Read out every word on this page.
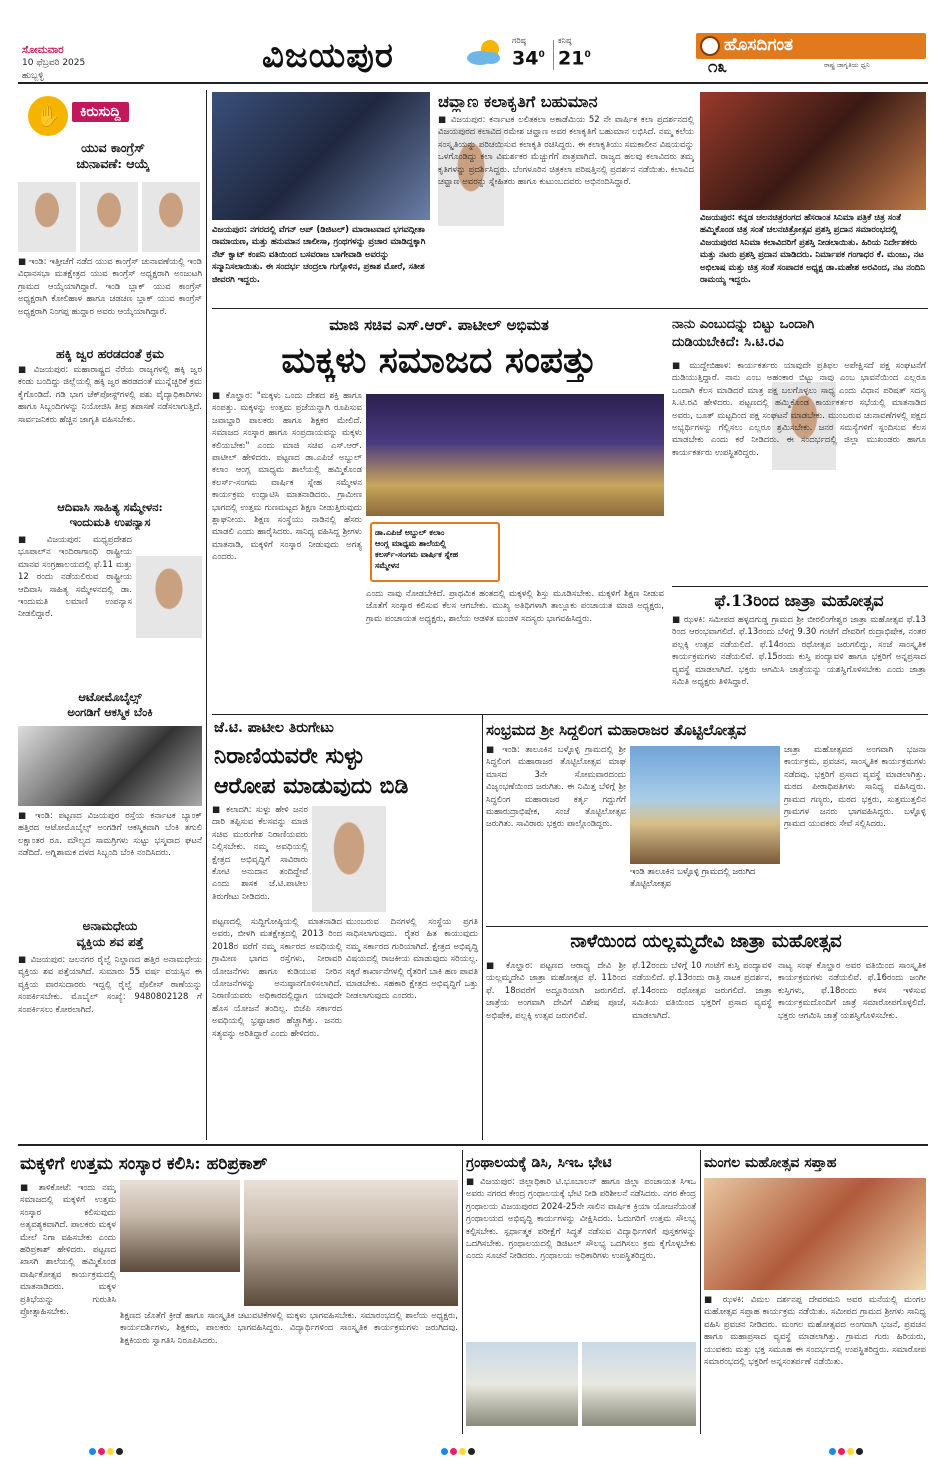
ಸೋಮವಾರ
10 ಫೆಬ್ರವರಿ 2025
ಹುಬ್ಬಳ್ಳಿ	ವಿಜಯಪುರ	ಗರಿಷ್ಠ
$34^0$
ಕನಿಷ್ಠ
$21^0$	ಹೊಸದಿಗಂತ
ರಾಷ್ಟ್ರ ಜಾಗೃತಿಯ ಧ್ವನಿ
೧೩
✋	ಕಿರುಸುದ್ದಿ
ಯುವ ಕಾಂಗ್ರೆಸ್
ಚುನಾವಣೆ: ಆಯ್ಕೆ
■ ಇಂಡಿ: ಇತ್ತೀಚೆಗೆ ನಡೆದ ಯುವ ಕಾಂಗ್ರೆಸ್ ಚುನಾವಣೆಯಲ್ಲಿ ಇಂಡಿ ವಿಧಾನಸಭಾ ಮತಕ್ಷೇತ್ರದ ಯುವ ಕಾಂಗ್ರೆಸ್ ಅಧ್ಯಕ್ಷರಾಗಿ ಅಂಜುಟಗಿ ಗ್ರಾಮದ ಆಯ್ಕೆಯಾಗಿದ್ದಾರೆ. ಇಂಡಿ ಬ್ಲಾಕ್ ಯುವ ಕಾಂಗ್ರೆಸ್ ಅಧ್ಯಕ್ಷರಾಗಿ ಕೋಲಿಹಾಳ ಹಾಗೂ ಚಡಚಣ ಬ್ಲಾಕ್ ಯುವ ಕಾಂಗ್ರೆಸ್ ಅಧ್ಯಕ್ಷರಾಗಿ ನಿಂಗಪ್ಪ ಹುದ್ದಾರ ಅವರು ಆಯ್ಕೆಯಾಗಿದ್ದಾರೆ.
ಹಕ್ಕಿ ಜ್ವರ ಹರಡದಂತೆ ಕ್ರಮ
■ ವಿಜಯಪುರ: ಮಹಾರಾಷ್ಟ್ರದ ನೆರೆಯ ರಾಜ್ಯಗಳಲ್ಲಿ ಹಕ್ಕಿ ಜ್ವರ ಕಂಡು ಬಂದಿದ್ದು ಜಿಲ್ಲೆಯಲ್ಲಿ ಹಕ್ಕಿ ಜ್ವರ ಹರಡದಂತೆ ಮುನ್ನೆಚ್ಚರಿಕೆ ಕ್ರಮ ಕೈಗೊಂಡಿದೆ. ಗಡಿ ಭಾಗ ಚೆಕ್‌ಪೋಸ್ಟ್‌ಗಳಲ್ಲಿ ಪಶು ವೈದ್ಯಾಧಿಕಾರಿಗಳು ಹಾಗೂ ಸಿಬ್ಬಂದಿಗಳನ್ನು ನಿಯೋಜಿಸಿ ತೀವ್ರ ತಪಾಸಣೆ ನಡೆಸಲಾಗುತ್ತಿದೆ. ಸಾರ್ವಜನಿಕರು ಹೆಚ್ಚಿನ ಜಾಗೃತಿ ವಹಿಸಬೇಕು.
ಆದಿವಾಸಿ ಸಾಹಿತ್ಯ ಸಮ್ಮೇಳನ:
ಇಂದುಮತಿ ಉಪನ್ಯಾಸ
■ ವಿಜಯಪುರ: ಮಧ್ಯಪ್ರದೇಶದ ಭೂಪಾಲ್‌ನ ಇಂದಿರಾಗಾಂಧಿ ರಾಷ್ಟ್ರೀಯ ಮಾನವ ಸಂಗ್ರಹಾಲಯದಲ್ಲಿ ಫೆ.11 ಮತ್ತು 12 ರಂದು ನಡೆಯಲಿರುವ ರಾಷ್ಟ್ರೀಯ ಆದಿವಾಸಿ ಸಾಹಿತ್ಯ ಸಮ್ಮೇಳನದಲ್ಲಿ ಡಾ. ಇಂದುಮತಿ ಲಮಾಣಿ ಉಪನ್ಯಾಸ ನೀಡಲಿದ್ದಾರೆ.
ಆಟೋಮೊಬೈಲ್ಸ್
ಅಂಗಡಿಗೆ ಆಕಸ್ಮಿಕ ಬೆಂಕಿ
■ ಇಂಡಿ: ಪಟ್ಟಣದ ವಿಜಯಪುರ ರಸ್ತೆಯ ಕರ್ನಾಟಕ ಬ್ಯಾಂಕ್ ಹತ್ತಿರದ ಆಟೋಮೊಬೈಲ್ಸ್ ಅಂಗಡಿಗೆ ಆಕಸ್ಮಿಕವಾಗಿ ಬೆಂಕಿ ತಗುಲಿ ಲಕ್ಷಾಂತರ ರೂ. ಮೌಲ್ಯದ ಸಾಮಗ್ರಿಗಳು ಸುಟ್ಟು ಭಸ್ಮವಾದ ಘಟನೆ ನಡೆದಿದೆ. ಅಗ್ನಿಶಾಮಕ ದಳದ ಸಿಬ್ಬಂದಿ ಬೆಂಕಿ ನಂದಿಸಿದರು.
ಅನಾಮಧೇಯ
ವ್ಯಕ್ತಿಯ ಶವ ಪತ್ತೆ
■ ವಿಜಯಪುರ: ಜಲನಗರ ರೈಲ್ವೆ ನಿಲ್ದಾಣದ ಹತ್ತಿರ ಅನಾಮಧೇಯ ವ್ಯಕ್ತಿಯ ಶವ ಪತ್ತೆಯಾಗಿದೆ. ಸುಮಾರು 55 ವರ್ಷ ವಯಸ್ಸಿನ ಈ ವ್ಯಕ್ತಿಯ ವಾರಸುದಾರರು ಇದ್ದಲ್ಲಿ ರೈಲ್ವೆ ಪೊಲೀಸ್ ಠಾಣೆಯನ್ನು ಸಂಪರ್ಕಿಸಬೇಕು. ಮೊಬೈಲ್ ಸಂಖ್ಯೆ: 9480802128 ಗೆ ಸಂಪರ್ಕಿಸಲು ಕೋರಲಾಗಿದೆ.
ವಿಜಯಪುರ: ನಗರದಲ್ಲಿ ವೆಗನ್ ಆಪ್ (ಡಿಜಿಟಲ್) ಮಾರಾಟವಾದ ಭಗವದ್ಗೀತಾ ರಾಮಾಯಣ, ಮತ್ತು ಹನುಮಾನ ಚಾಲೀಸಾ, ಗ್ರಂಥಗಳನ್ನು ಪ್ರಚಾರ ಮಾಡಿದ್ದಕ್ಕಾಗಿ ನೆಟ್ ಕ್ವಾಟ್ ಕಂಪನಿ ವತಿಯಿಂದ ಬಸವರಾಜ ಬಾಗೇವಾಡಿ ಅವರನ್ನು ಸನ್ಮಾನಿಸಲಾಯಿತು. ಈ ಸಂದರ್ಭ ಚಂದ್ರಲಾ ಗುಗ್ಗೊಳಿನ, ಪ್ರಕಾಶ ಮೋರೆ, ಸತೀಶ ಜೀವರಗಿ ಇದ್ದರು.
ಚವ್ಹಾಣ ಕಲಾಕೃತಿಗೆ ಬಹುಮಾನ
■ ವಿಜಯಪುರ: ಕರ್ನಾಟಕ ಲಲಿತಕಲಾ ಅಕಾಡೆಮಿಯ 52 ನೇ ವಾರ್ಷಿಕ ಕಲಾ ಪ್ರದರ್ಶನದಲ್ಲಿ ವಿಜಯಪುರದ ಕಲಾವಿದ ರಮೇಶ ಚವ್ಹಾಣ ಅವರ ಕಲಾಕೃತಿಗೆ ಬಹುಮಾನ ಲಭಿಸಿದೆ. ನಮ್ಮ ಕಲೆಯ ಸಂಸ್ಕೃತಿಯನ್ನು ಪರಿಚಯಿಸುವ ಕಲಾಕೃತಿ ರಚಿಸಿದ್ದರು. ಈ ಕಲಾಕೃತಿಯು ಸಮಕಾಲೀನ ವಿಷಯವನ್ನು ಒಳಗೊಂಡಿದ್ದು ಕಲಾ ವಿಮರ್ಶಕರ ಮೆಚ್ಚುಗೆಗೆ ಪಾತ್ರವಾಗಿದೆ. ರಾಜ್ಯದ ಹಲವು ಕಲಾವಿದರು ತಮ್ಮ ಕೃತಿಗಳನ್ನು ಪ್ರದರ್ಶಿಸಿದ್ದರು. ಬೆಂಗಳೂರಿನ ಚಿತ್ರಕಲಾ ಪರಿಷತ್ತಿನಲ್ಲಿ ಪ್ರದರ್ಶನ ನಡೆಯಿತು. ಕಲಾವಿದ ಚವ್ಹಾಣ ಅವರನ್ನು ಸ್ನೇಹಿತರು ಹಾಗೂ ಕುಟುಂಬದವರು ಅಭಿನಂದಿಸಿದ್ದಾರೆ.
ವಿಜಯಪುರ: ಕನ್ನಡ ಚಲನಚಿತ್ರರಂಗದ ಹೆಸರಾಂತ ಸಿನಿಮಾ ಪತ್ರಿಕೆ ಚಿತ್ರ ಸಂತೆ ಹಮ್ಮಿಕೊಂಡ ಚಿತ್ರ ಸಂತೆ ಚಲನಚಿತ್ರೋತ್ಸವ ಪ್ರಶಸ್ತಿ ಪ್ರದಾನ ಸಮಾರಂಭದಲ್ಲಿ ವಿಜಯಪುರದ ಸಿನಿಮಾ ಕಲಾವಿದರಿಗೆ ಪ್ರಶಸ್ತಿ ನೀಡಲಾಯಿತು. ಹಿರಿಯ ನಿರ್ದೇಶಕರು ಮತ್ತು ನಟರು ಪ್ರಶಸ್ತಿ ಪ್ರದಾನ ಮಾಡಿದರು. ನಿರ್ಮಾಪಕ ಗಂಗಾಧರ ಕೆ. ಮಂಜು, ನಟ ಅಭಿಲಾಷ ಮತ್ತು ಚಿತ್ರ ಸಂತೆ ಸಂಪಾದಕ ಅಧ್ಯಕ್ಷ ಡಾ.ಮಹೇಶ ಅರವಿಂದ, ನಟ ನಂದಿನಿ ರಾಮಯ್ಯ ಇದ್ದರು.
ಮಾಜಿ ಸಚಿವ ಎಸ್.ಆರ್. ಪಾಟೀಲ್ ಅಭಿಮತ
ಮಕ್ಕಳು ಸಮಾಜದ ಸಂಪತ್ತು
■ ಕೊಲ್ಹಾರ: "ಮಕ್ಕಳು ಒಂದು ದೇಶದ ಶಕ್ತಿ ಹಾಗೂ ಸಂಪತ್ತು. ಮಕ್ಕಳನ್ನು ಉತ್ತಮ ಪ್ರಜೆಯನ್ನಾಗಿ ರೂಪಿಸುವ ಜವಾಬ್ದಾರಿ ಪಾಲಕರು ಹಾಗೂ ಶಿಕ್ಷಕರ ಮೇಲಿದೆ. ಸಮಾಜದ ಸಂಸ್ಕಾರ ಹಾಗೂ ಸಂಪ್ರದಾಯವನ್ನು ಮಕ್ಕಳು ಕಲಿಯಬೇಕು" ಎಂದು ಮಾಜಿ ಸಚಿವ ಎಸ್.ಆರ್. ಪಾಟೀಲ್ ಹೇಳಿದರು. ಪಟ್ಟಣದ ಡಾ.ಎಪಿಜೆ ಅಬ್ದುಲ್ ಕಲಾಂ ಆಂಗ್ಲ ಮಾಧ್ಯಮ ಶಾಲೆಯಲ್ಲಿ ಹಮ್ಮಿಕೊಂಡ ಕಲರ್ಸ್-ಸಂಗಮ ವಾರ್ಷಿಕ ಸ್ನೇಹ ಸಮ್ಮೇಳನ ಕಾರ್ಯಕ್ರಮ ಉದ್ಘಾಟಿಸಿ ಮಾತನಾಡಿದರು. ಗ್ರಾಮೀಣ ಭಾಗದಲ್ಲಿ ಉತ್ತಮ ಗುಣಮಟ್ಟದ ಶಿಕ್ಷಣ ನೀಡುತ್ತಿರುವುದು ಶ್ಲಾಘನೀಯ. ಶಿಕ್ಷಣ ಸಂಸ್ಥೆಯು ನಾಡಿನಲ್ಲಿ ಹೆಸರು ಮಾಡಲಿ ಎಂದು ಹಾರೈಸಿದರು. ಸಾನಿಧ್ಯ ವಹಿಸಿದ್ದ ಶ್ರೀಗಳು ಮಾತನಾಡಿ, ಮಕ್ಕಳಿಗೆ ಸಂಸ್ಕಾರ ನೀಡುವುದು ಅಗತ್ಯ ಎಂದರು.
ಡಾ.ಎಪಿಜೆ ಅಬ್ದುಲ್ ಕಲಾಂ
ಆಂಗ್ಲ ಮಾಧ್ಯಮ ಶಾಲೆಯಲ್ಲಿ
ಕಲರ್ಸ್-ಸಂಗಮ ವಾರ್ಷಿಕ ಸ್ನೇಹ
ಸಮ್ಮೇಳನ
ಎಂದು ನಾವು ನೋಡಬೇಕಿದೆ. ಪ್ರಾಥಮಿಕ ಹಂತದಲ್ಲಿ ಮಕ್ಕಳಲ್ಲಿ ಶಿಸ್ತು ಮೂಡಿಸಬೇಕು. ಮಕ್ಕಳಿಗೆ ಶಿಕ್ಷಣ ನೀಡುವ ಜೊತೆಗೆ ಸಂಸ್ಕಾರ ಕಲಿಸುವ ಕೆಲಸ ಆಗಬೇಕು. ಮುಖ್ಯ ಅತಿಥಿಗಳಾಗಿ ತಾಲ್ಲೂಕು ಪಂಚಾಯತ ಮಾಜಿ ಅಧ್ಯಕ್ಷರು, ಗ್ರಾಮ ಪಂಚಾಯತ ಅಧ್ಯಕ್ಷರು, ಶಾಲೆಯ ಆಡಳಿತ ಮಂಡಳಿ ಸದಸ್ಯರು ಭಾಗವಹಿಸಿದ್ದರು.
ನಾನು ಎಂಬುದನ್ನು ಬಿಟ್ಟು ಒಂದಾಗಿ
ದುಡಿಯಬೇಕಿದೆ: ಸಿ.ಟಿ.ರವಿ
■ ಮುದ್ದೇಬಿಹಾಳ: ಕಾರ್ಯಕರ್ತರು ಯಾವುದೇ ಪ್ರತಿಫಲ ಅಪೇಕ್ಷಿಸದೆ ಪಕ್ಷ ಸಂಘಟನೆಗೆ ದುಡಿಯುತ್ತಿದ್ದಾರೆ. ನಾನು ಎಂಬ ಅಹಂಕಾರ ಬಿಟ್ಟು ನಾವು ಎಂಬ ಭಾವನೆಯಿಂದ ಎಲ್ಲರೂ ಒಂದಾಗಿ ಕೆಲಸ ಮಾಡಿದರೆ ಮಾತ್ರ ಪಕ್ಷ ಬಲಗೊಳ್ಳಲು ಸಾಧ್ಯ ಎಂದು ವಿಧಾನ ಪರಿಷತ್ ಸದಸ್ಯ ಸಿ.ಟಿ.ರವಿ ಹೇಳಿದರು. ಪಟ್ಟಣದಲ್ಲಿ ಹಮ್ಮಿಕೊಂಡ ಕಾರ್ಯಕರ್ತರ ಸಭೆಯಲ್ಲಿ ಮಾತನಾಡಿದ ಅವರು, ಬೂತ್ ಮಟ್ಟದಿಂದ ಪಕ್ಷ ಸಂಘಟನೆ ಮಾಡಬೇಕು. ಮುಂಬರುವ ಚುನಾವಣೆಗಳಲ್ಲಿ ಪಕ್ಷದ ಅಭ್ಯರ್ಥಿಗಳನ್ನು ಗೆಲ್ಲಿಸಲು ಎಲ್ಲರೂ ಶ್ರಮಿಸಬೇಕು. ಜನರ ಸಮಸ್ಯೆಗಳಿಗೆ ಸ್ಪಂದಿಸುವ ಕೆಲಸ ಮಾಡಬೇಕು ಎಂದು ಕರೆ ನೀಡಿದರು. ಈ ಸಂದರ್ಭದಲ್ಲಿ ಜಿಲ್ಲಾ ಮುಖಂಡರು ಹಾಗೂ ಕಾರ್ಯಕರ್ತರು ಉಪಸ್ಥಿತರಿದ್ದರು.
ಫೆ.13ರಿಂದ ಜಾತ್ರಾ ಮಹೋತ್ಸವ
■ ಝಳಕಿ: ಸಮೀಪದ ಹಳ್ಳದಗುಡ್ಡ ಗ್ರಾಮದ ಶ್ರೀ ಬೀರಲಿಂಗೇಶ್ವರ ಜಾತ್ರಾ ಮಹೋತ್ಸವ ಫೆ.13 ರಿಂದ ಆರಂಭವಾಗಲಿದೆ. ಫೆ.13ರಂದು ಬೆಳಿಗ್ಗೆ 9.30 ಗಂಟೆಗೆ ದೇವರಿಗೆ ರುದ್ರಾಭಿಷೇಕ, ನಂತರ ಪಲ್ಲಕ್ಕಿ ಉತ್ಸವ ನಡೆಯಲಿದೆ. ಫೆ.14ರಂದು ರಥೋತ್ಸವ ಜರುಗಲಿದ್ದು, ಸಂಜೆ ಸಾಂಸ್ಕೃತಿಕ ಕಾರ್ಯಕ್ರಮಗಳು ನಡೆಯಲಿವೆ. ಫೆ.15ರಂದು ಕುಸ್ತಿ ಪಂದ್ಯಾವಳಿ ಹಾಗೂ ಭಕ್ತರಿಗೆ ಅನ್ನಪ್ರಸಾದ ವ್ಯವಸ್ಥೆ ಮಾಡಲಾಗಿದೆ. ಭಕ್ತರು ಆಗಮಿಸಿ ಜಾತ್ರೆಯನ್ನು ಯಶಸ್ವಿಗೊಳಿಸಬೇಕು ಎಂದು ಜಾತ್ರಾ ಸಮಿತಿ ಅಧ್ಯಕ್ಷರು ತಿಳಿಸಿದ್ದಾರೆ.
ಜೆ.ಟಿ. ಪಾಟೀಲ ತಿರುಗೇಟು
ನಿರಾಣಿಯವರೇ ಸುಳ್ಳು
ಆರೋಪ ಮಾಡುವುದು ಬಿಡಿ
■ ಕಲಾದಗಿ: ಸುಳ್ಳು ಹೇಳಿ ಜನರ ದಾರಿ ತಪ್ಪಿಸುವ ಕೆಲಸವನ್ನು ಮಾಜಿ ಸಚಿವ ಮುರುಗೇಶ ನಿರಾಣಿಯವರು ನಿಲ್ಲಿಸಬೇಕು. ನಮ್ಮ ಅವಧಿಯಲ್ಲಿ ಕ್ಷೇತ್ರದ ಅಭಿವೃದ್ಧಿಗೆ ಸಾವಿರಾರು ಕೋಟಿ ಅನುದಾನ ತಂದಿದ್ದೇವೆ ಎಂದು ಶಾಸಕ ಜೆ.ಟಿ.ಪಾಟೀಲ ತಿರುಗೇಟು ನೀಡಿದರು.
ಪಟ್ಟಣದಲ್ಲಿ ಸುದ್ದಿಗೋಷ್ಠಿಯಲ್ಲಿ ಮಾತನಾಡಿದ ಅವರು, ಬೀಳಗಿ ಮತಕ್ಷೇತ್ರದಲ್ಲಿ 2013 ರಿಂದ 2018ರ ವರೆಗೆ ನಮ್ಮ ಸರ್ಕಾರದ ಅವಧಿಯಲ್ಲಿ ಗ್ರಾಮೀಣ ಭಾಗದ ರಸ್ತೆಗಳು, ನೀರಾವರಿ ಯೋಜನೆಗಳು ಹಾಗೂ ಕುಡಿಯುವ ನೀರಿನ ಯೋಜನೆಗಳನ್ನು ಅನುಷ್ಠಾನಗೊಳಿಸಲಾಗಿದೆ. ನಿರಾಣಿಯವರು ಅಧಿಕಾರದಲ್ಲಿದ್ದಾಗ ಯಾವುದೇ ಹೊಸ ಯೋಜನೆ ತಂದಿಲ್ಲ. ಬಿಜೆಪಿ ಸರ್ಕಾರದ ಅವಧಿಯಲ್ಲಿ ಭ್ರಷ್ಟಾಚಾರ ಹೆಚ್ಚಾಗಿತ್ತು. ಜನರು ಸತ್ಯವನ್ನು ಅರಿತಿದ್ದಾರೆ ಎಂದು ಹೇಳಿದರು.
ಮುಂಬರುವ ದಿನಗಳಲ್ಲಿ ಸಂಸ್ಥೆಯ ಪ್ರಗತಿ ಸಾಧಿಸಲಾಗುವುದು. ರೈತರ ಹಿತ ಕಾಯುವುದು ನಮ್ಮ ಸರ್ಕಾರದ ಗುರಿಯಾಗಿದೆ. ಕ್ಷೇತ್ರದ ಅಭಿವೃದ್ಧಿ ವಿಷಯದಲ್ಲಿ ರಾಜಕೀಯ ಮಾಡುವುದು ಸರಿಯಲ್ಲ. ಸಕ್ಕರೆ ಕಾರ್ಖಾನೆಗಳಲ್ಲಿ ರೈತರಿಗೆ ಬಾಕಿ ಹಣ ಪಾವತಿ ಮಾಡಬೇಕು. ಸಹಕಾರಿ ಕ್ಷೇತ್ರದ ಅಭಿವೃದ್ಧಿಗೆ ಒತ್ತು ನೀಡಲಾಗುವುದು ಎಂದರು.
ಸಂಭ್ರಮದ ಶ್ರೀ ಸಿದ್ಧಲಿಂಗ ಮಹಾರಾಜರ ತೊಟ್ಟಿಲೋತ್ಸವ
■ ಇಂಡಿ: ತಾಲೂಕಿನ ಬಳ್ಳೊಳ್ಳಿ ಗ್ರಾಮದಲ್ಲಿ ಶ್ರೀ ಸಿದ್ಧಲಿಂಗ ಮಹಾರಾಜರ ತೊಟ್ಟಿಲೋತ್ಸವ ಮಾಘ ಮಾಸದ 3ನೇ ಸೋಮವಾರದಂದು ವಿಜೃಂಭಣೆಯಿಂದ ಜರುಗಿತು. ಈ ನಿಮಿತ್ತ ಬೆಳಿಗ್ಗೆ ಶ್ರೀ ಸಿದ್ಧಲಿಂಗ ಮಹಾರಾಜರ ಕರ್ತೃ ಗದ್ದುಗೆಗೆ ಮಹಾರುದ್ರಾಭಿಷೇಕ, ಸಂಜೆ ತೊಟ್ಟಿಲೋತ್ಸವ ಜರುಗಿತು. ಸಾವಿರಾರು ಭಕ್ತರು ಪಾಲ್ಗೊಂಡಿದ್ದರು.
ಇಂಡಿ ತಾಲೂಕಿನ ಬಳ್ಳೊಳ್ಳಿ ಗ್ರಾಮದಲ್ಲಿ ಜರುಗಿದ ತೊಟ್ಟಿಲೋತ್ಸವ
ಜಾತ್ರಾ ಮಹೋತ್ಸವದ ಅಂಗವಾಗಿ ಭಜನಾ ಕಾರ್ಯಕ್ರಮ, ಪ್ರವಚನ, ಸಾಂಸ್ಕೃತಿಕ ಕಾರ್ಯಕ್ರಮಗಳು ನಡೆದವು. ಭಕ್ತರಿಗೆ ಪ್ರಸಾದ ವ್ಯವಸ್ಥೆ ಮಾಡಲಾಗಿತ್ತು. ಮಠದ ಪೀಠಾಧಿಪತಿಗಳು ಸಾನಿಧ್ಯ ವಹಿಸಿದ್ದರು. ಗ್ರಾಮದ ಗಣ್ಯರು, ಮಠದ ಭಕ್ತರು, ಸುತ್ತಮುತ್ತಲಿನ ಗ್ರಾಮಗಳ ಜನರು ಭಾಗವಹಿಸಿದ್ದರು. ಬಳ್ಳೊಳ್ಳಿ ಗ್ರಾಮದ ಯುವಕರು ಸೇವೆ ಸಲ್ಲಿಸಿದರು.
ನಾಳೆಯಿಂದ ಯಲ್ಲಮ್ಮದೇವಿ ಜಾತ್ರಾ ಮಹೋತ್ಸವ
■ ಕೊಲ್ಹಾರ: ಪಟ್ಟಣದ ಆರಾಧ್ಯ ದೇವಿ ಶ್ರೀ ಯಲ್ಲಮ್ಮದೇವಿ ಜಾತ್ರಾ ಮಹೋತ್ಸವ ಫೆ. 11ರಿಂದ ಫೆ. 18ರವರೆಗೆ ಅದ್ದೂರಿಯಾಗಿ ಜರುಗಲಿದೆ. ಜಾತ್ರೆಯ ಅಂಗವಾಗಿ ದೇವಿಗೆ ವಿಶೇಷ ಪೂಜೆ, ಅಭಿಷೇಕ, ಪಲ್ಲಕ್ಕಿ ಉತ್ಸವ ಜರುಗಲಿವೆ.
ಫೆ.12ರಂದು ಬೆಳಿಗ್ಗೆ 10 ಗಂಟೆಗೆ ಕುಸ್ತಿ ಪಂದ್ಯಾವಳಿ ನಡೆಯಲಿದೆ. ಫೆ.13ರಂದು ರಾತ್ರಿ ನಾಟಕ ಪ್ರದರ್ಶನ, ಫೆ.14ರಂದು ರಥೋತ್ಸವ ಜರುಗಲಿದೆ. ಜಾತ್ರಾ ಸಮಿತಿಯ ವತಿಯಿಂದ ಭಕ್ತರಿಗೆ ಪ್ರಸಾದ ವ್ಯವಸ್ಥೆ ಮಾಡಲಾಗಿದೆ.
ನಾಟ್ಯ ಸಂಘ ಕೊಲ್ಹಾರ ಅವರ ವತಿಯಿಂದ ಸಾಂಸ್ಕೃತಿಕ ಕಾರ್ಯಕ್ರಮಗಳು ನಡೆಯಲಿವೆ. ಫೆ.16ರಂದು ಜಂಗೀ ಕುಸ್ತಿಗಳು, ಫೆ.18ರಂದು ಕಳಸ ಇಳಿಸುವ ಕಾರ್ಯಕ್ರಮದೊಂದಿಗೆ ಜಾತ್ರೆ ಸಮಾರೋಪಗೊಳ್ಳಲಿದೆ. ಭಕ್ತರು ಆಗಮಿಸಿ ಜಾತ್ರೆ ಯಶಸ್ವಿಗೊಳಿಸಬೇಕು.
ಮಕ್ಕಳಿಗೆ ಉತ್ತಮ ಸಂಸ್ಕಾರ ಕಲಿಸಿ: ಹರಿಪ್ರಕಾಶ್
■ ತಾಳಿಕೋಟೆ: ಇಂದು ನಮ್ಮ ಸಮಾಜದಲ್ಲಿ ಮಕ್ಕಳಿಗೆ ಉತ್ತಮ ಸಂಸ್ಕಾರ ಕಲಿಸುವುದು ಅತ್ಯವಶ್ಯಕವಾಗಿದೆ. ಪಾಲಕರು ಮಕ್ಕಳ ಮೇಲೆ ನಿಗಾ ವಹಿಸಬೇಕು ಎಂದು ಹರಿಪ್ರಕಾಶ್ ಹೇಳಿದರು. ಪಟ್ಟಣದ ಖಾಸಗಿ ಶಾಲೆಯಲ್ಲಿ ಹಮ್ಮಿಕೊಂಡ ವಾರ್ಷಿಕೋತ್ಸವ ಕಾರ್ಯಕ್ರಮದಲ್ಲಿ ಮಾತನಾಡಿದರು. ಮಕ್ಕಳ ಪ್ರತಿಭೆಯನ್ನು ಗುರುತಿಸಿ ಪ್ರೋತ್ಸಾಹಿಸಬೇಕು.	ಶಿಕ್ಷಣದ ಜೊತೆಗೆ ಕ್ರೀಡೆ ಹಾಗೂ ಸಾಂಸ್ಕೃತಿಕ ಚಟುವಟಿಕೆಗಳಲ್ಲಿ ಮಕ್ಕಳು ಭಾಗವಹಿಸಬೇಕು. ಸಮಾರಂಭದಲ್ಲಿ ಶಾಲೆಯ ಅಧ್ಯಕ್ಷರು, ಕಾರ್ಯದರ್ಶಿಗಳು, ಶಿಕ್ಷಕರು, ಪಾಲಕರು ಭಾಗವಹಿಸಿದ್ದರು. ವಿದ್ಯಾರ್ಥಿಗಳಿಂದ ಸಾಂಸ್ಕೃತಿಕ ಕಾರ್ಯಕ್ರಮಗಳು ಜರುಗಿದವು. ಶಿಕ್ಷಕಿಯರು ಸ್ವಾಗತಿಸಿ ನಿರೂಪಿಸಿದರು.
ಗ್ರಂಥಾಲಯಕ್ಕೆ ಡಿಸಿ, ಸಿಇಒ ಭೇಟಿ
■ ವಿಜಯಪುರ: ಜಿಲ್ಲಾಧಿಕಾರಿ ಟಿ.ಭೂಬಾಲನ್ ಹಾಗೂ ಜಿಲ್ಲಾ ಪಂಚಾಯತ ಸಿಇಒ ಅವರು ನಗರದ ಕೇಂದ್ರ ಗ್ರಂಥಾಲಯಕ್ಕೆ ಭೇಟಿ ನೀಡಿ ಪರಿಶೀಲನೆ ನಡೆಸಿದರು. ನಗರ ಕೇಂದ್ರ ಗ್ರಂಥಾಲಯ ವಿಜಯಪುರದ 2024-25ನೇ ಸಾಲಿನ ವಾರ್ಷಿಕ ಕ್ರಿಯಾ ಯೋಜನೆಯಂತೆ ಗ್ರಂಥಾಲಯದ ಅಭಿವೃದ್ಧಿ ಕಾರ್ಯಗಳನ್ನು ವೀಕ್ಷಿಸಿದರು. ಓದುಗರಿಗೆ ಉತ್ತಮ ಸೌಲಭ್ಯ ಕಲ್ಪಿಸಬೇಕು. ಸ್ಪರ್ಧಾತ್ಮಕ ಪರೀಕ್ಷೆಗೆ ಸಿದ್ಧತೆ ನಡೆಸುವ ವಿದ್ಯಾರ್ಥಿಗಳಿಗೆ ಪುಸ್ತಕಗಳನ್ನು ಒದಗಿಸಬೇಕು. ಗ್ರಂಥಾಲಯದಲ್ಲಿ ಡಿಜಿಟಲ್ ಸೌಲಭ್ಯ ಒದಗಿಸಲು ಕ್ರಮ ಕೈಗೊಳ್ಳಬೇಕು ಎಂದು ಸೂಚನೆ ನೀಡಿದರು. ಗ್ರಂಥಾಲಯ ಅಧಿಕಾರಿಗಳು ಉಪಸ್ಥಿತರಿದ್ದರು.
ಮಂಗಲ ಮಹೋತ್ಸವ ಸಪ್ತಾಹ
■ ಝಳಕಿ: ವಿಮಲ ದರ್ಶನಪ್ಪ ದೇವರಮನಿ ಅವರ ಮನೆಯಲ್ಲಿ ಮಂಗಲ ಮಹೋತ್ಸವ ಸಪ್ತಾಹ ಕಾರ್ಯಕ್ರಮ ನಡೆಯಿತು. ಸಮೀಪದ ಗ್ರಾಮದ ಶ್ರೀಗಳು ಸಾನಿಧ್ಯ ವಹಿಸಿ ಪ್ರವಚನ ನೀಡಿದರು. ಮಂಗಲ ಮಹೋತ್ಸವದ ಅಂಗವಾಗಿ ಭಜನೆ, ಪ್ರವಚನ ಹಾಗೂ ಮಹಾಪ್ರಸಾದ ವ್ಯವಸ್ಥೆ ಮಾಡಲಾಗಿತ್ತು. ಗ್ರಾಮದ ಗುರು ಹಿರಿಯರು, ಯುವಕರು ಮತ್ತು ಭಕ್ತ ಸಮೂಹ ಈ ಸಂದರ್ಭದಲ್ಲಿ ಉಪಸ್ಥಿತರಿದ್ದರು. ಸಮಾರೋಪ ಸಮಾರಂಭದಲ್ಲಿ ಭಕ್ತರಿಗೆ ಅನ್ನಸಂತರ್ಪಣೆ ನಡೆಯಿತು.
